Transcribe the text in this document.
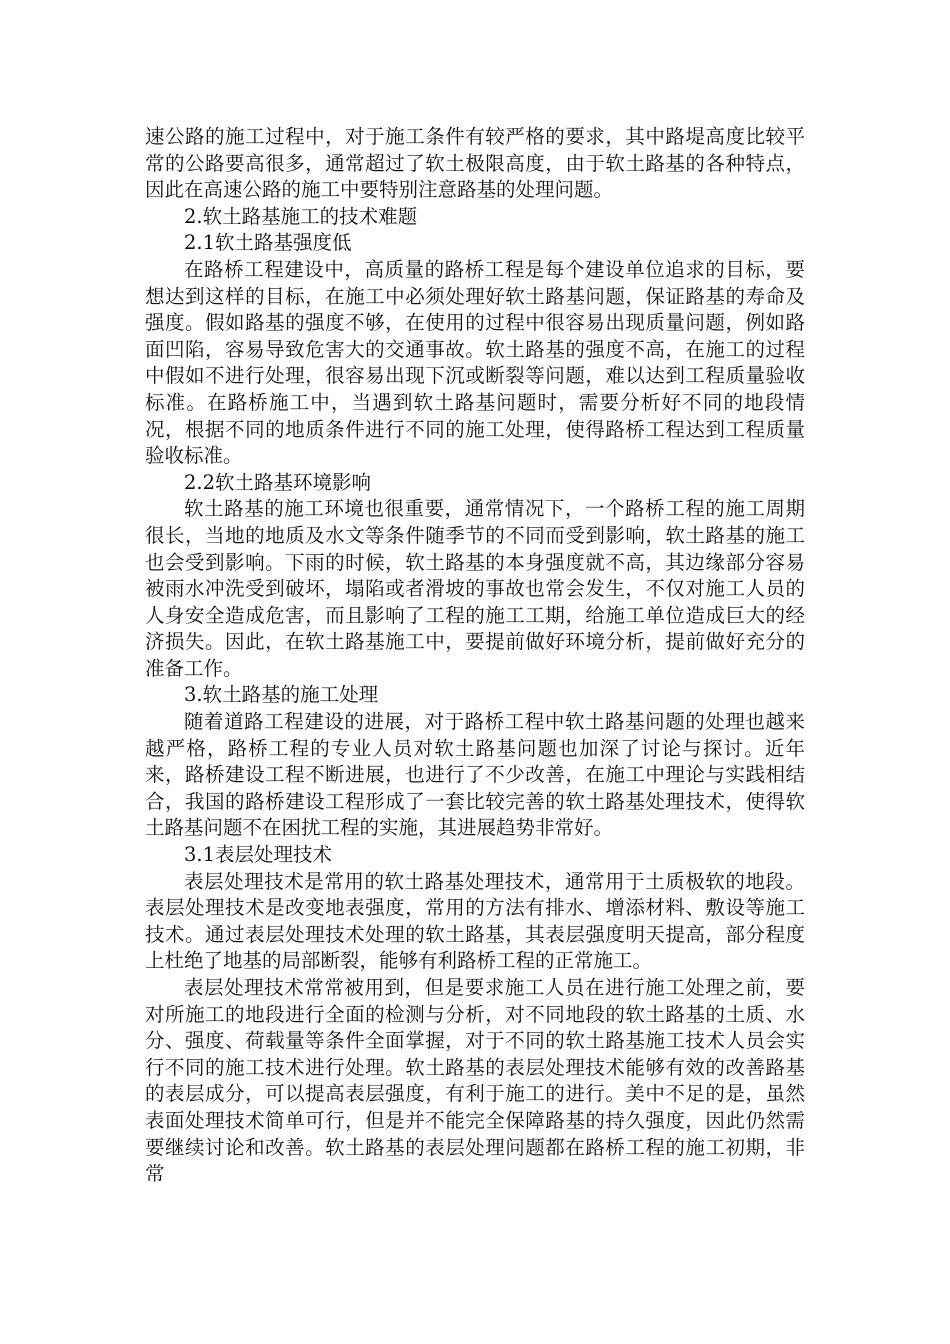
速公路的施工过程中，对于施工条件有较严格的要求，其中路堤高度比较平常的公路要高很多，通常超过了软土极限高度，由于软土路基的各种特点，因此在高速公路的施工中要特别注意路基的处理问题。

2.软土路基施工的技术难题

2.1软土路基强度低

在路桥工程建设中，高质量的路桥工程是每个建设单位追求的目标，要想达到这样的目标，在施工中必须处理好软土路基问题，保证路基的寿命及强度。假如路基的强度不够，在使用的过程中很容易出现质量问题，例如路面凹陷，容易导致危害大的交通事故。软土路基的强度不高，在施工的过程中假如不进行处理，很容易出现下沉或断裂等问题，难以达到工程质量验收标准。在路桥施工中，当遇到软土路基问题时，需要分析好不同的地段情况，根据不同的地质条件进行不同的施工处理，使得路桥工程达到工程质量验收标准。

2.2软土路基环境影响

软土路基的施工环境也很重要，通常情况下，一个路桥工程的施工周期很长，当地的地质及水文等条件随季节的不同而受到影响，软土路基的施工也会受到影响。下雨的时候，软土路基的本身强度就不高，其边缘部分容易被雨水冲洗受到破坏，塌陷或者滑坡的事故也常会发生，不仅对施工人员的人身安全造成危害，而且影响了工程的施工工期，给施工单位造成巨大的经济损失。因此，在软土路基施工中，要提前做好环境分析，提前做好充分的准备工作。

3.软土路基的施工处理

随着道路工程建设的进展，对于路桥工程中软土路基问题的处理也越来越严格，路桥工程的专业人员对软土路基问题也加深了讨论与探讨。近年来，路桥建设工程不断进展，也进行了不少改善，在施工中理论与实践相结合，我国的路桥建设工程形成了一套比较完善的软土路基处理技术，使得软土路基问题不在困扰工程的实施，其进展趋势非常好。

3.1表层处理技术

表层处理技术是常用的软土路基处理技术，通常用于土质极软的地段。表层处理技术是改变地表强度，常用的方法有排水、增添材料、敷设等施工技术。通过表层处理技术处理的软土路基，其表层强度明天提高，部分程度上杜绝了地基的局部断裂，能够有利路桥工程的正常施工。

表层处理技术常常被用到，但是要求施工人员在进行施工处理之前，要对所施工的地段进行全面的检测与分析，对不同地段的软土路基的土质、水分、强度、荷载量等条件全面掌握，对于不同的软土路基施工技术人员会实行不同的施工技术进行处理。软土路基的表层处理技术能够有效的改善路基的表层成分，可以提高表层强度，有利于施工的进行。美中不足的是，虽然表面处理技术简单可行，但是并不能完全保障路基的持久强度，因此仍然需要继续讨论和改善。软土路基的表层处理问题都在路桥工程的施工初期，非常
